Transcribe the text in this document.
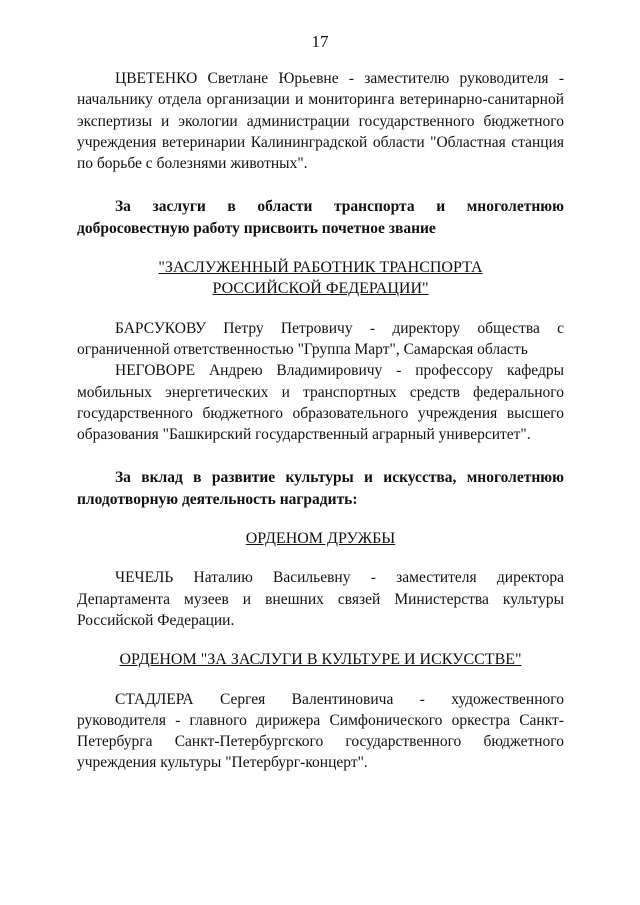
17

ЦВЕТЕНКО Светлане Юрьевне - заместителю руководителя - начальнику отдела организации и мониторинга ветеринарно-санитарной экспертизы и экологии администрации государственного бюджетного учреждения ветеринарии Калининградской области "Областная станция по борьбе с болезнями животных".

За заслуги в области транспорта и многолетнюю добросовестную работу присвоить почетное звание

"ЗАСЛУЖЕННЫЙ РАБОТНИК ТРАНСПОРТА
РОССИЙСКОЙ ФЕДЕРАЦИИ"

БАРСУКОВУ Петру Петровичу - директору общества с ограниченной ответственностью "Группа Март", Самарская область

НЕГОВОРЕ Андрею Владимировичу - профессору кафедры мобильных энергетических и транспортных средств федерального государственного бюджетного образовательного учреждения высшего образования "Башкирский государственный аграрный университет".

За вклад в развитие культуры и искусства, многолетнюю плодотворную деятельность наградить:

ОРДЕНОМ ДРУЖБЫ

ЧЕЧЕЛЬ Наталию Васильевну - заместителя директора Департамента музеев и внешних связей Министерства культуры Российской Федерации.

ОРДЕНОМ "ЗА ЗАСЛУГИ В КУЛЬТУРЕ И ИСКУССТВЕ"

СТАДЛЕРА Сергея Валентиновича - художественного руководителя - главного дирижера Симфонического оркестра Санкт-Петербурга Санкт-Петербургского государственного бюджетного учреждения культуры "Петербург-концерт".
